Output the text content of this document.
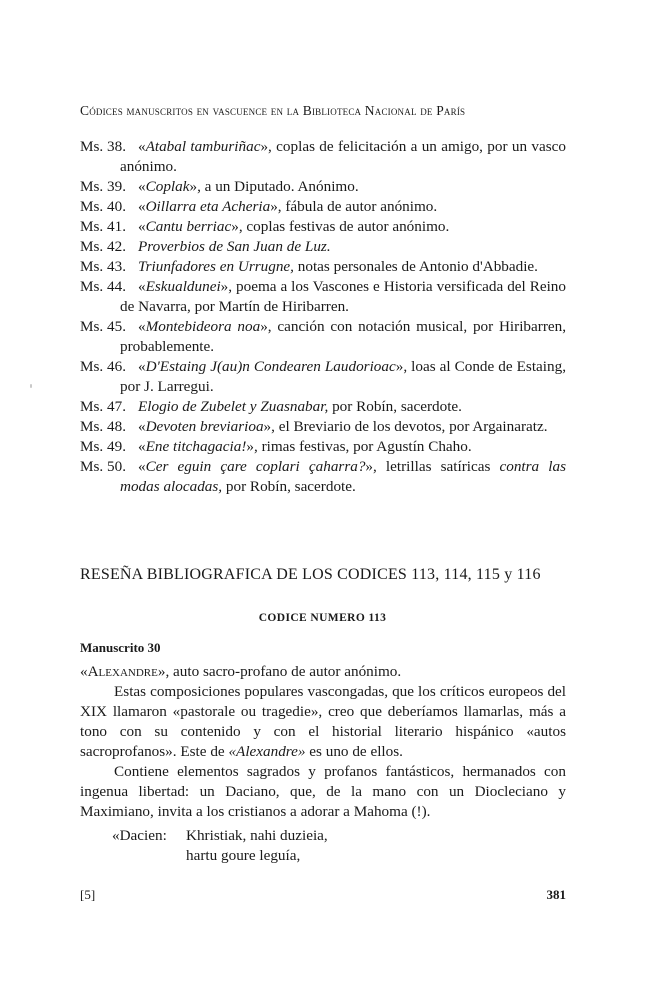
Códices manuscritos en vascuence en la Biblioteca Nacional de París
Ms. 38. «Atabal tamburiñac», coplas de felicitación a un amigo, por un vasco anónimo.
Ms. 39. «Coplak», a un Diputado. Anónimo.
Ms. 40. «Oillarra eta Acheria», fábula de autor anónimo.
Ms. 41. «Cantu berriac», coplas festivas de autor anónimo.
Ms. 42. Proverbios de San Juan de Luz.
Ms. 43. Triunfadores en Urrugne, notas personales de Antonio d'Abbadie.
Ms. 44. «Eskualdunei», poema a los Vascones e Historia versificada del Reino de Navarra, por Martín de Hiribarren.
Ms. 45. «Montebideora noa», canción con notación musical, por Hiribarren, probablemente.
Ms. 46. «D'Estaing J(au)n Condearen Laudorioac», loas al Conde de Estaing, por J. Larregui.
Ms. 47. Elogio de Zubelet y Zuasnabar, por Robín, sacerdote.
Ms. 48. «Devoten breviarioa», el Breviario de los devotos, por Argainaratz.
Ms. 49. «Ene titchagacia!», rimas festivas, por Agustín Chaho.
Ms. 50. «Cer eguin çare coplari çaharra?», letrillas satíricas contra las modas alocadas, por Robín, sacerdote.
RESEÑA BIBLIOGRAFICA DE LOS CODICES 113, 114, 115 y 116
CODICE NUMERO 113
Manuscrito 30

«Alexandre», auto sacro-profano de autor anónimo.

Estas composiciones populares vascongadas, que los críticos europeos del XIX llamaron «pastorale ou tragedie», creo que deberíamos llamarlas, más a tono con su contenido y con el historial literario hispánico «autos sacroprofanos». Este de «Alexandre» es uno de ellos.

Contiene elementos sagrados y profanos fantásticos, hermanados con ingenua libertad: un Daciano, que, de la mano con un Diocleciano y Maximiano, invita a los cristianos a adorar a Mahoma (!).

«Dacien:	Khristiak, nahi duzieia,
hartu goure leguía,
[5]	381
